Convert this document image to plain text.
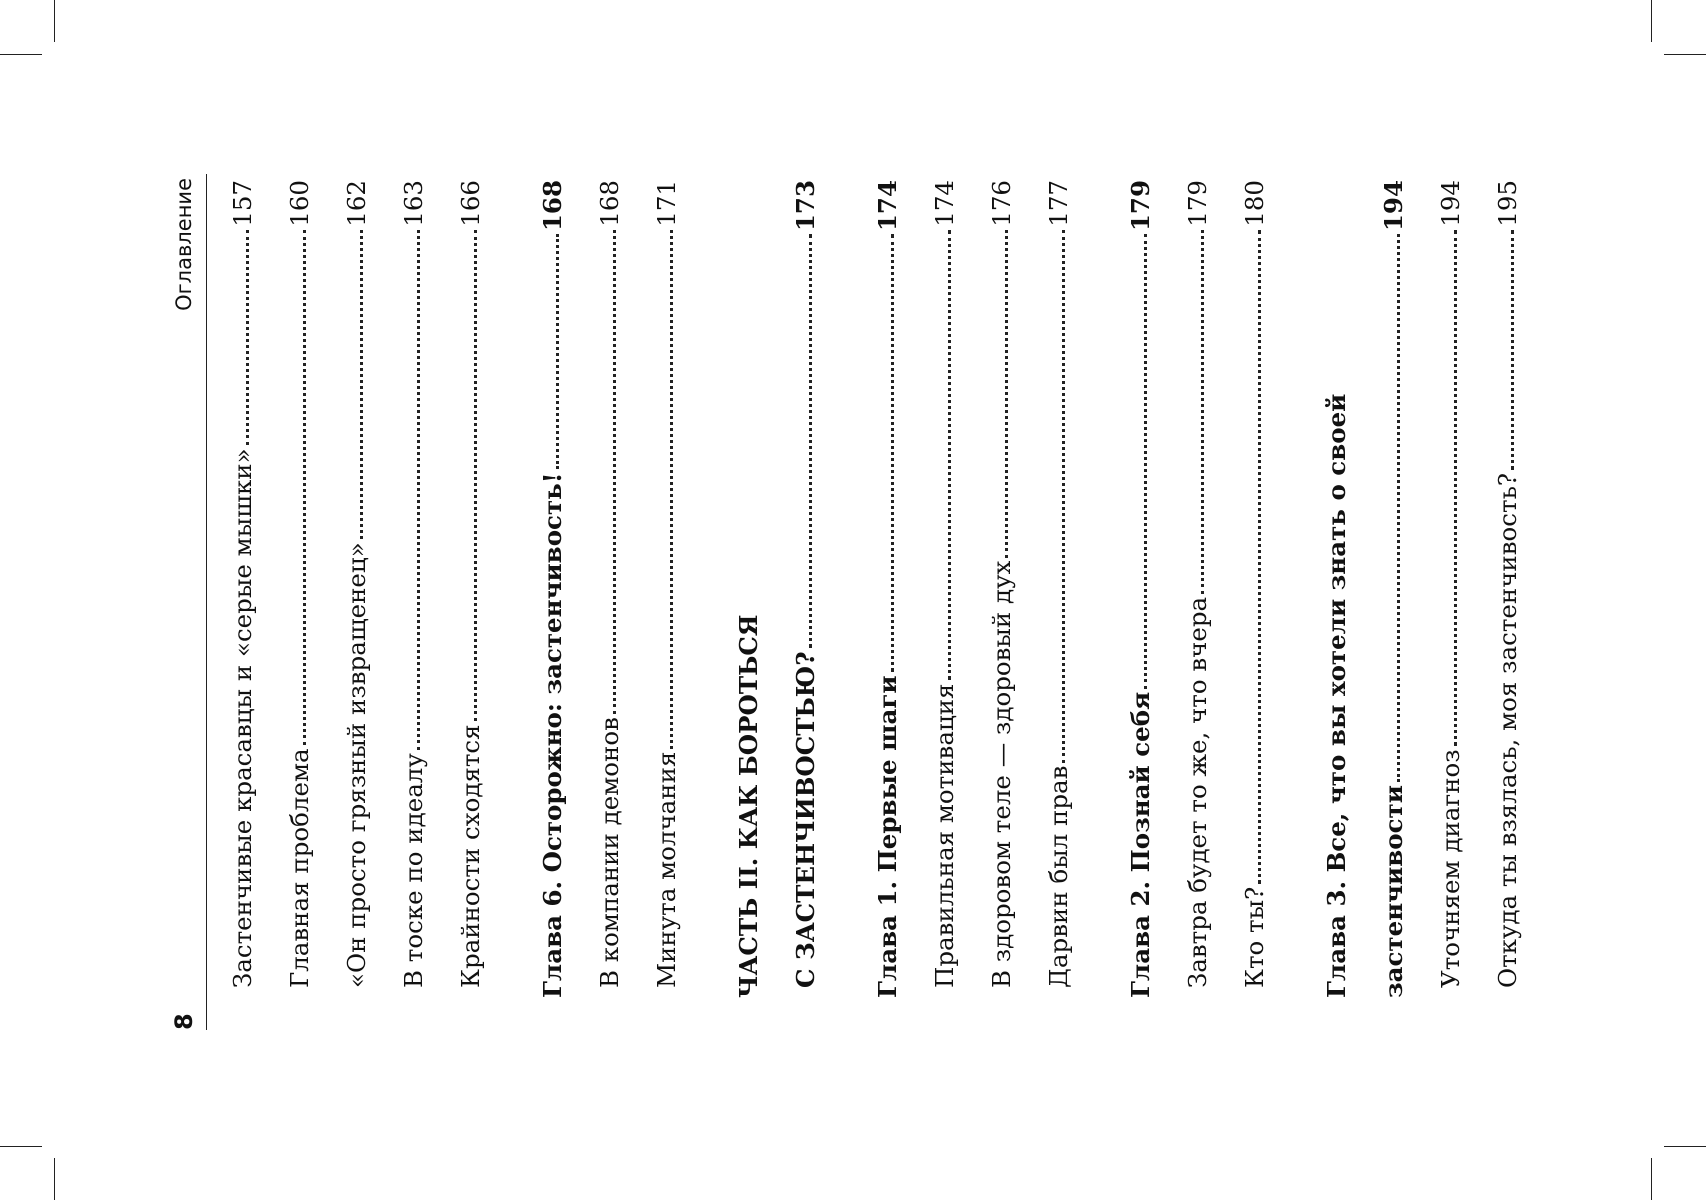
8
Оглавление
Застенчивые красавцы и «серые мышки»
157
Главная проблема
160
«Он просто грязный извращенец»
162
В тоске по идеалу
163
Крайности сходятся
166
Глава 6. Осторожно: застенчивость!
168
В компании демонов
168
Минута молчания
171
ЧАСТЬ II. КАК БОРОТЬСЯ С ЗАСТЕНЧИВОСТЬЮ?
173
Глава 1. Первые шаги
174
Правильная мотивация
174
В здоровом теле — здоровый дух
176
Дарвин был прав
177
Глава 2. Познай себя
179
Завтра будет то же, что вчера
179
Кто ты?
180
Глава 3. Все, что вы хотели знать о своей застенчивости
194
Уточняем диагноз
194
Откуда ты взялась, моя застенчивость?
195
